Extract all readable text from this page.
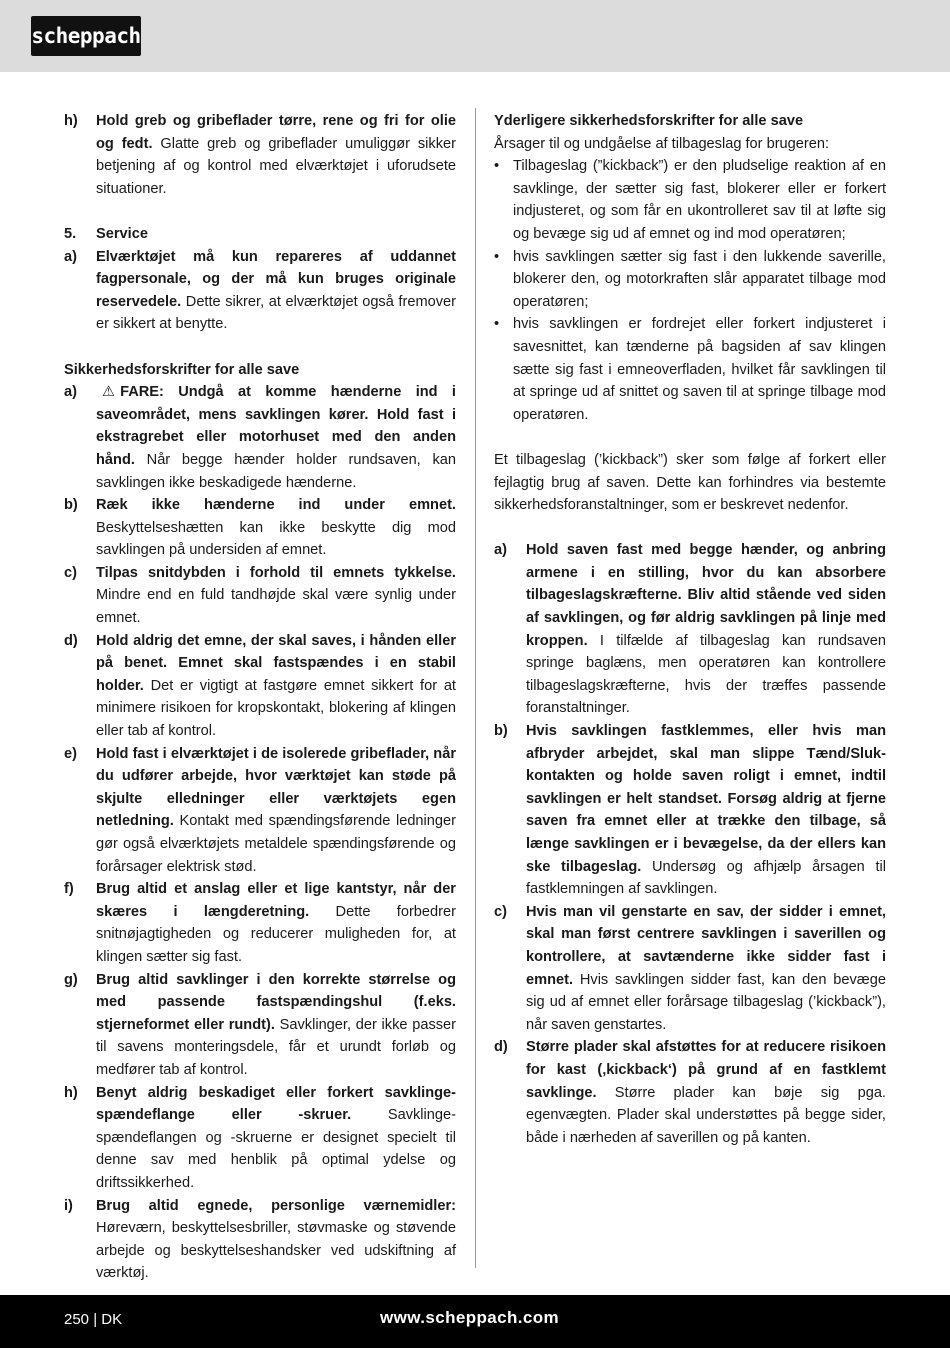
scheppach
h)	Hold greb og gribeflader tørre, rene og fri for olie og fedt. Glatte greb og gribeflader umuliggør sikker betjening af og kontrol med elværktøjet i uforudsete situationer.
5.	Service
a)	Elværktøjet må kun repareres af uddannet fagpersonale, og der må kun bruges originale reservedele. Dette sikrer, at elværktøjet også fremover er sikkert at benytte.
Sikkerhedsforskrifter for alle save
a)	⚠ FARE: Undgå at komme hænderne ind i saveområdet, mens savklingen kører. Hold fast i ekstragrebet eller motorhuset med den anden hånd. Når begge hænder holder rundsaven, kan savklingen ikke beskadigede hænderne.
b)	Ræk ikke hænderne ind under emnet. Beskyttelseshætten kan ikke beskytte dig mod savklingen på undersiden af emnet.
c)	Tilpas snitdybden i forhold til emnets tykkelse. Mindre end en fuld tandhøjde skal være synlig under emnet.
d)	Hold aldrig det emne, der skal saves, i hånden eller på benet. Emnet skal fastspændes i en stabil holder. Det er vigtigt at fastgøre emnet sikkert for at minimere risikoen for kropskontakt, blokering af klingen eller tab af kontrol.
e)	Hold fast i elværktøjet i de isolerede gribeflader, når du udfører arbejde, hvor værktøjet kan støde på skjulte elledninger eller værktøjets egen netledning. Kontakt med spændingsførende ledninger gør også elværktøjets metaldele spændingsførende og forårsager elektrisk stød.
f)	Brug altid et anslag eller et lige kantstyr, når der skæres i længderetning. Dette forbedrer snitnøjagtigheden og reducerer muligheden for, at klingen sætter sig fast.
g)	Brug altid savklinger i den korrekte størrelse og med passende fastspændingshul (f.eks. stjerneformet eller rundt). Savklinger, der ikke passer til savens monteringsdele, får et urundt forløb og medfører tab af kontrol.
h)	Benyt aldrig beskadiget eller forkert savklinge-spændeflange eller -skruer. Savklinge-spændeflangen og -skruerne er designet specielt til denne sav med henblik på optimal ydelse og driftssikkerhed.
i)	Brug altid egnede, personlige værnemidler: Høreværn, beskyttelsesbriller, støvmaske og støvende arbejde og beskyttelseshandsker ved udskiftning af værktøj.
Yderligere sikkerhedsforskrifter for alle save
Årsager til og undgåelse af tilbageslag for brugeren:
• Tilbageslag (”kickback”) er den pludselige reaktion af en savklinge, der sætter sig fast, blokerer eller er forkert indjusteret, og som får en ukontrolleret sav til at løfte sig og bevæge sig ud af emnet og ind mod operatøren;
• hvis savklingen sætter sig fast i den lukkende saverille, blokerer den, og motorkraften slår apparatet tilbage mod operatøren;
• hvis savklingen er fordrejet eller forkert indjusteret i savesnittet, kan tænderne på bagsiden af sav klingen sætte sig fast i emneoverfladen, hvilket får savklingen til at springe ud af snittet og saven til at springe tilbage mod operatøren.
Et tilbageslag (’kickback”) sker som følge af forkert eller fejlagtig brug af saven. Dette kan forhindres via bestemte sikkerhedsforanstaltninger, som er beskrevet nedenfor.
a)	Hold saven fast med begge hænder, og anbring armene i en stilling, hvor du kan absorbere tilbageslagskræfterne. Bliv altid stående ved siden af savklingen, og før aldrig savklingen på linje med kroppen. I tilfælde af tilbageslag kan rundsaven springe baglæns, men operatøren kan kontrollere tilbageslagskræfterne, hvis der træffes passende foranstaltninger.
b)	Hvis savklingen fastklemmes, eller hvis man afbryder arbejdet, skal man slippe Tænd/Sluk-kontakten og holde saven roligt i emnet, indtil savklingen er helt standset. Forsøg aldrig at fjerne saven fra emnet eller at trække den tilbage, så længe savklingen er i bevægelse, da der ellers kan ske tilbageslag. Undersøg og afhjælp årsagen til fastklemningen af savklingen.
c)	Hvis man vil genstarte en sav, der sidder i emnet, skal man først centrere savklingen i saverillen og kontrollere, at savtænderne ikke sidder fast i emnet. Hvis savklingen sidder fast, kan den bevæge sig ud af emnet eller forårsage tilbageslag (’kickback”), når saven genstartes.
d)	Større plader skal afstøttes for at reducere risikoen for kast (‚kickback‘) på grund af en fastklemt savklinge. Større plader kan bøje sig pga. egenvægten. Plader skal understøttes på begge sider, både i nærheden af saverillen og på kanten.
250 | DK	www.scheppach.com
